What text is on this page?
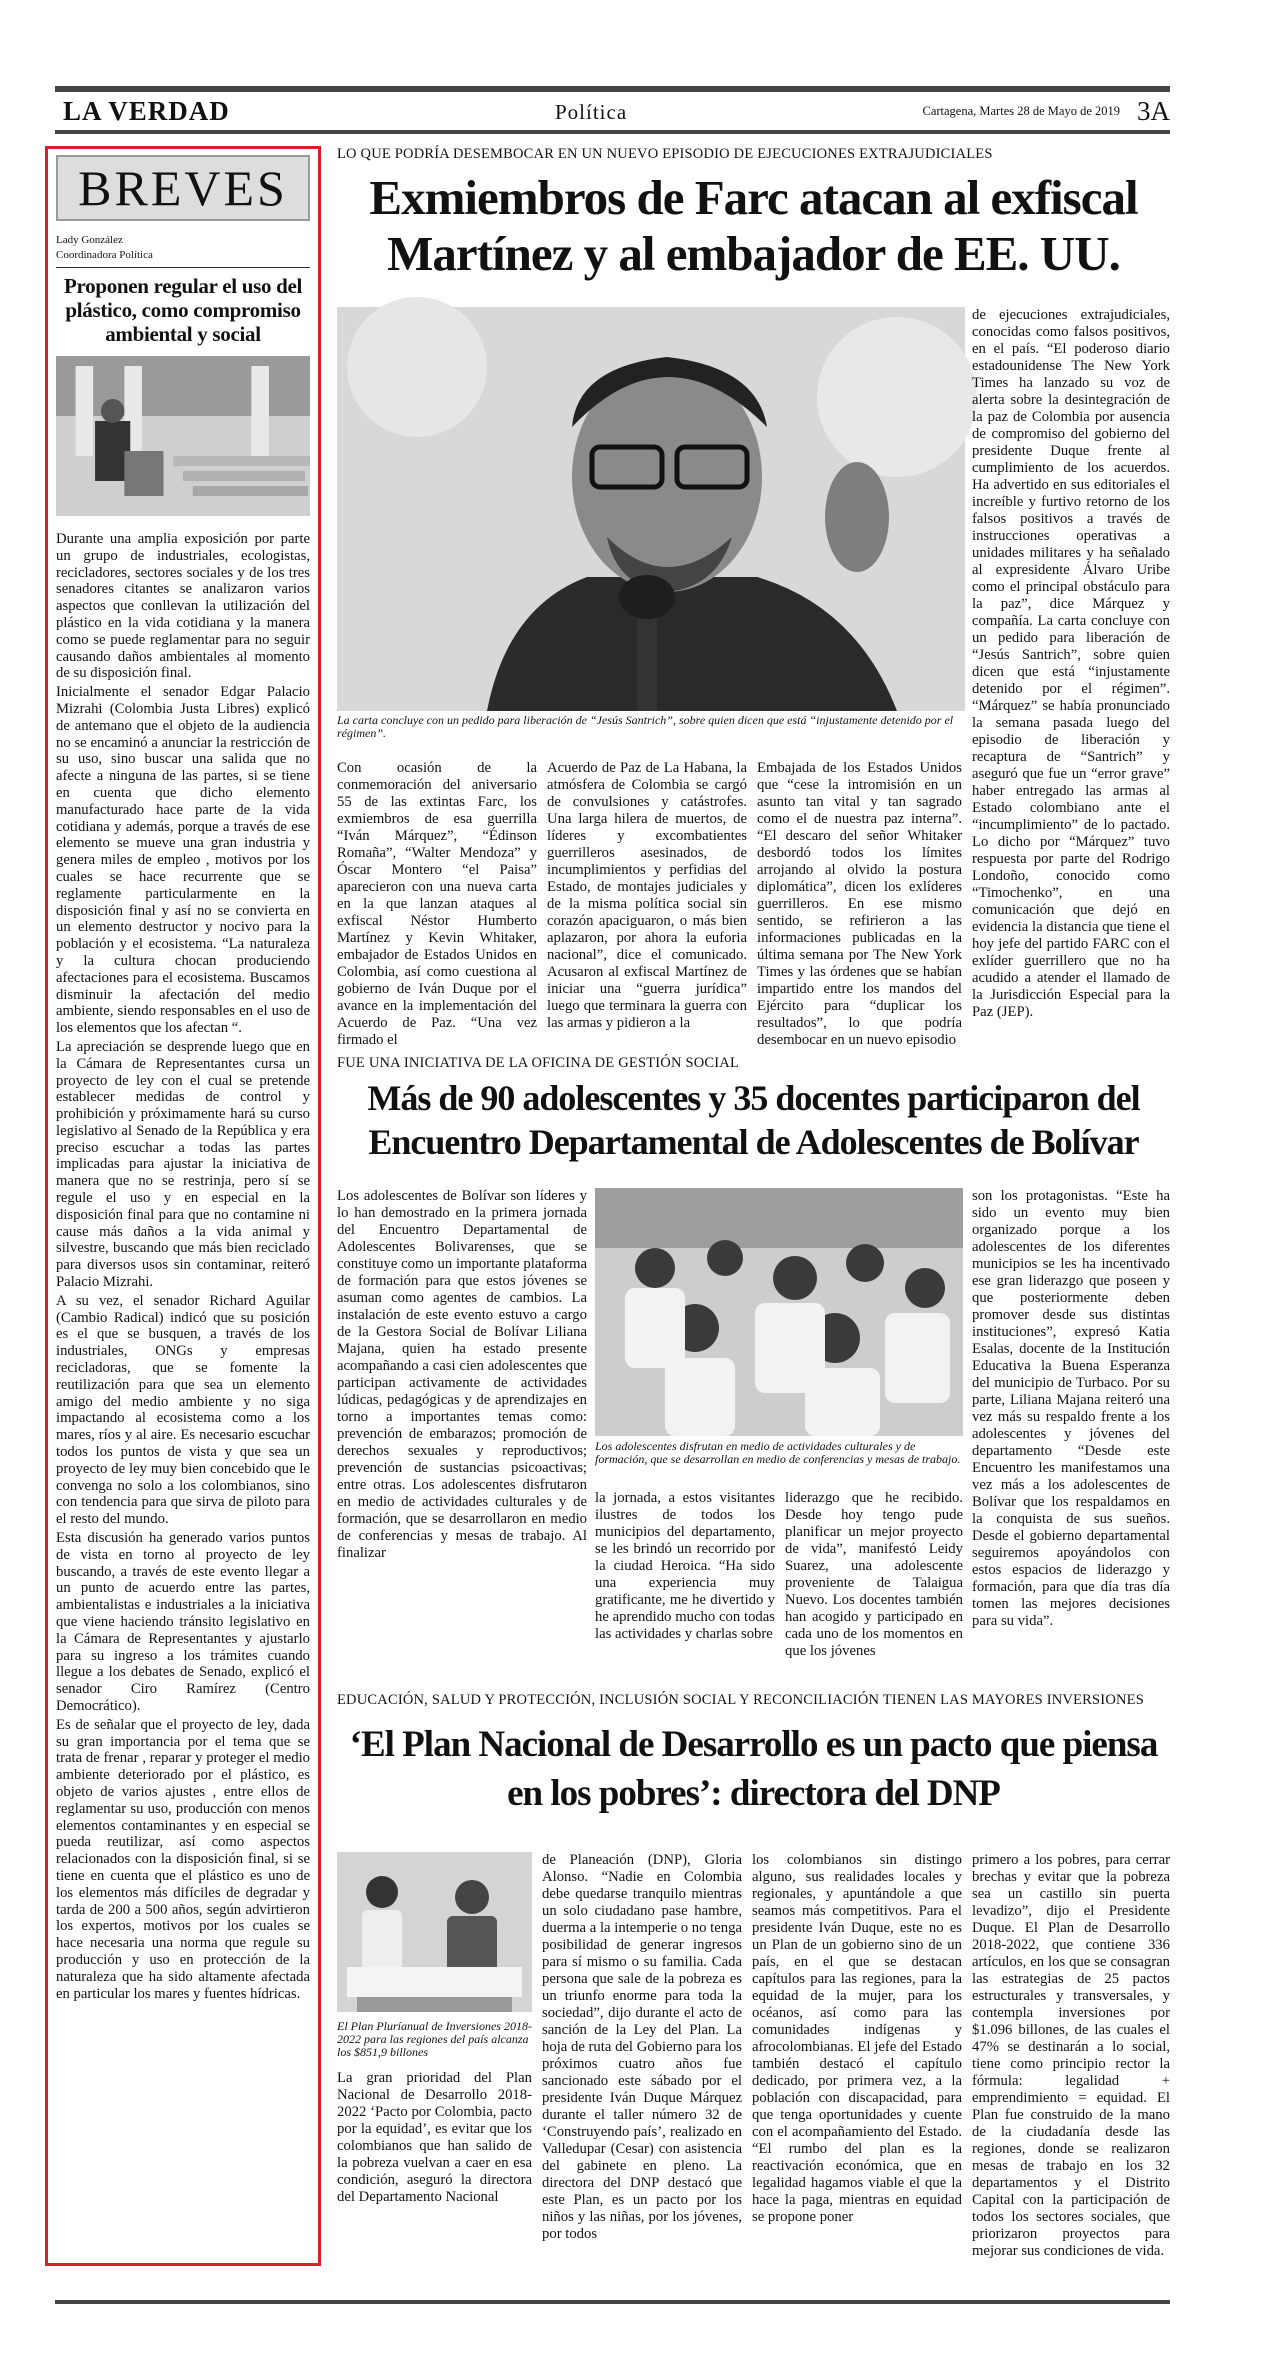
LA VERDAD	Política	Cartagena, Martes 28 de Mayo de 2019 3A
BREVES
Lady González
Coordinadora Política
Proponen regular el uso del plástico, como compromiso ambiental y social

Durante una amplia exposición por parte un grupo de industriales, ecologistas, recicladores, sectores sociales y de los tres senadores citantes se analizaron varios aspectos que conllevan la utilización del plástico en la vida cotidiana y la manera como se puede reglamentar para no seguir causando daños ambientales al momento de su disposición final.

Inicialmente el senador Edgar Palacio Mizrahi (Colombia Justa Libres) explicó de antemano que el objeto de la audiencia no se encaminó a anunciar la restricción de su uso, sino buscar una salida que no afecte a ninguna de las partes, si se tiene en cuenta que dicho elemento manufacturado hace parte de la vida cotidiana y además, porque a través de ese elemento se mueve una gran industria y genera miles de empleo , motivos por los cuales se hace recurrente que se reglamente particularmente en la disposición final y así no se convierta en un elemento destructor y nocivo para la población y el ecosistema. “La naturaleza y la cultura chocan produciendo afectaciones para el ecosistema. Buscamos disminuir la afectación del medio ambiente, siendo responsables en el uso de los elementos que los afectan “.

La apreciación se desprende luego que en la Cámara de Representantes cursa un proyecto de ley con el cual se pretende establecer medidas de control y prohibición y próximamente hará su curso legislativo al Senado de la República y era preciso escuchar a todas las partes implicadas para ajustar la iniciativa de manera que no se restrinja, pero sí se regule el uso y en especial en la disposición final para que no contamine ni cause más daños a la vida animal y silvestre, buscando que más bien reciclado para diversos usos sin contaminar, reiteró Palacio Mizrahi.

A su vez, el senador Richard Aguilar (Cambio Radical) indicó que su posición es el que se busquen, a través de los industriales, ONGs y empresas recicladoras, que se fomente la reutilización para que sea un elemento amigo del medio ambiente y no siga impactando al ecosistema como a los mares, ríos y al aire. Es necesario escuchar todos los puntos de vista y que sea un proyecto de ley muy bien concebido que le convenga no solo a los colombianos, sino con tendencia para que sirva de piloto para el resto del mundo.

Esta discusión ha generado varios puntos de vista en torno al proyecto de ley buscando, a través de este evento llegar a un punto de acuerdo entre las partes, ambientalistas e industriales a la iniciativa que viene haciendo tránsito legislativo en la Cámara de Representantes y ajustarlo para su ingreso a los trámites cuando llegue a los debates de Senado, explicó el senador Ciro Ramírez (Centro Democrático).

Es de señalar que el proyecto de ley, dada su gran importancia por el tema que se trata de frenar , reparar y proteger el medio ambiente deteriorado por el plástico, es objeto de varios ajustes , entre ellos de reglamentar su uso, producción con menos elementos contaminantes y en especial se pueda reutilizar, así como aspectos relacionados con la disposición final, si se tiene en cuenta que el plástico es uno de los elementos más difíciles de degradar y tarda de 200 a 500 años, según advirtieron los expertos, motivos por los cuales se hace necesaria una norma que regule su producción y uso en protección de la naturaleza que ha sido altamente afectada en particular los mares y fuentes hídricas.

LO QUE PODRÍA DESEMBOCAR EN UN NUEVO EPISODIO DE EJECUCIONES EXTRAJUDICIALES
Exmiembros de Farc atacan al exfiscal Martínez y al embajador de EE. UU.
La carta concluye con un pedido para liberación de “Jesús Santrich”, sobre quien dicen que está “injustamente detenido por el régimen”.
de ejecuciones extrajudiciales, conocidas como falsos positivos, en el país. “El poderoso diario estadounidense The New York Times ha lanzado su voz de alerta sobre la desintegración de la paz de Colombia por ausencia de compromiso del gobierno del presidente Duque frente al cumplimiento de los acuerdos. Ha advertido en sus editoriales el increíble y furtivo retorno de los falsos positivos a través de instrucciones operativas a unidades militares y ha señalado al expresidente Álvaro Uribe como el principal obstáculo para la paz”, dice Márquez y compañía. La carta concluye con un pedido para liberación de “Jesús Santrich”, sobre quien dicen que está “injustamente detenido por el régimen”. “Márquez” se había pronunciado la semana pasada luego del episodio de liberación y recaptura de “Santrich” y aseguró que fue un “error grave” haber entregado las armas al Estado colombiano ante el “incumplimiento” de lo pactado. Lo dicho por “Márquez” tuvo respuesta por parte del Rodrigo Londoño, conocido como “Timochenko”, en una comunicación que dejó en evidencia la distancia que tiene el hoy jefe del partido FARC con el exlíder guerrillero que no ha acudido a atender el llamado de la Jurisdicción Especial para la Paz (JEP).
Con ocasión de la conmemoración del aniversario 55 de las extintas Farc, los exmiembros de esa guerrilla “Iván Márquez”, “Édinson Romaña”, “Walter Mendoza” y Óscar Montero “el Paisa” aparecieron con una nueva carta en la que lanzan ataques al exfiscal Néstor Humberto Martínez y Kevin Whitaker, embajador de Estados Unidos en Colombia, así como cuestiona al gobierno de Iván Duque por el avance en la implementación del Acuerdo de Paz. “Una vez firmado el
Acuerdo de Paz de La Habana, la atmósfera de Colombia se cargó de convulsiones y catástrofes. Una larga hilera de muertos, de líderes y excombatientes guerrilleros asesinados, de incumplimientos y perfidias del Estado, de montajes judiciales y de la misma política social sin corazón apaciguaron, o más bien aplazaron, por ahora la euforia nacional”, dice el comunicado. Acusaron al exfiscal Martínez de iniciar una “guerra jurídica” luego que terminara la guerra con las armas y pidieron a la
Embajada de los Estados Unidos que “cese la intromisión en un asunto tan vital y tan sagrado como el de nuestra paz interna”. “El descaro del señor Whitaker desbordó todos los límites arrojando al olvido la postura diplomática”, dicen los exlíderes guerrilleros. En ese mismo sentido, se refirieron a las informaciones publicadas en la última semana por The New York Times y las órdenes que se habían impartido entre los mandos del Ejército para “duplicar los resultados”, lo que podría desembocar en un nuevo episodio
FUE UNA INICIATIVA DE LA OFICINA DE GESTIÓN SOCIAL
Más de 90 adolescentes y 35 docentes participaron del Encuentro Departamental de Adolescentes de Bolívar
Los adolescentes disfrutan en medio de actividades culturales y de formación, que se desarrollan en medio de conferencias y mesas de trabajo.
Los adolescentes de Bolívar son líderes y lo han demostrado en la primera jornada del Encuentro Departamental de Adolescentes Bolivarenses, que se constituye como un importante plataforma de formación para que estos jóvenes se asuman como agentes de cambios. La instalación de este evento estuvo a cargo de la Gestora Social de Bolívar Liliana Majana, quien ha estado presente acompañando a casi cien adolescentes que participan activamente de actividades lúdicas, pedagógicas y de aprendizajes en torno a importantes temas como: prevención de embarazos; promoción de derechos sexuales y reproductivos; prevención de sustancias psicoactivas; entre otras. Los adolescentes disfrutaron en medio de actividades culturales y de formación, que se desarrollaron en medio de conferencias y mesas de trabajo. Al finalizar
la jornada, a estos visitantes ilustres de todos los municipios del departamento, se les brindó un recorrido por la ciudad Heroica. “Ha sido una experiencia muy gratificante, me he divertido y he aprendido mucho con todas las actividades y charlas sobre
liderazgo que he recibido. Desde hoy tengo pude planificar un mejor proyecto de vida”, manifestó Leidy Suarez, una adolescente proveniente de Talaigua Nuevo. Los docentes también han acogido y participado en cada uno de los momentos en que los jóvenes
son los protagonistas. “Este ha sido un evento muy bien organizado porque a los adolescentes de los diferentes municipios se les ha incentivado ese gran liderazgo que poseen y que posteriormente deben promover desde sus distintas instituciones”, expresó Katia Esalas, docente de la Institución Educativa la Buena Esperanza del municipio de Turbaco. Por su parte, Liliana Majana reiteró una vez más su respaldo frente a los adolescentes y jóvenes del departamento “Desde este Encuentro les manifestamos una vez más a los adolescentes de Bolívar que los respaldamos en la conquista de sus sueños. Desde el gobierno departamental seguiremos apoyándolos con estos espacios de liderazgo y formación, para que día tras día tomen las mejores decisiones para su vida”.
EDUCACIÓN, SALUD Y PROTECCIÓN, INCLUSIÓN SOCIAL Y RECONCILIACIÓN TIENEN LAS MAYORES INVERSIONES
‘El Plan Nacional de Desarrollo es un pacto que piensa en los pobres’: directora del DNP
El Plan Pluríanual de Inversiones 2018-2022 para las regiones del país alcanza los $851,9 billones
La gran prioridad del Plan Nacional de Desarrollo 2018-2022 ‘Pacto por Colombia, pacto por la equidad’, es evitar que los colombianos que han salido de la pobreza vuelvan a caer en esa condición, aseguró la directora del Departamento Nacional
de Planeación (DNP), Gloria Alonso. “Nadie en Colombia debe quedarse tranquilo mientras un solo ciudadano pase hambre, duerma a la intemperie o no tenga posibilidad de generar ingresos para sí mismo o su familia. Cada persona que sale de la pobreza es un triunfo enorme para toda la sociedad”, dijo durante el acto de sanción de la Ley del Plan. La hoja de ruta del Gobierno para los próximos cuatro años fue sancionado este sábado por el presidente Iván Duque Márquez durante el taller número 32 de ‘Construyendo país’, realizado en Valledupar (Cesar) con asistencia del gabinete en pleno. La directora del DNP destacó que este Plan, es un pacto por los niños y las niñas, por los jóvenes, por todos
los colombianos sin distingo alguno, sus realidades locales y regionales, y apuntándole a que seamos más competitivos. Para el presidente Iván Duque, este no es un Plan de un gobierno sino de un país, en el que se destacan capítulos para las regiones, para la equidad de la mujer, para los océanos, así como para las comunidades indígenas y afrocolombianas. El jefe del Estado también destacó el capítulo dedicado, por primera vez, a la población con discapacidad, para que tenga oportunidades y cuente con el acompañamiento del Estado. “El rumbo del plan es la reactivación económica, que en legalidad hagamos viable el que la hace la paga, mientras en equidad se propone poner
primero a los pobres, para cerrar brechas y evitar que la pobreza sea un castillo sin puerta levadizo”, dijo el Presidente Duque. El Plan de Desarrollo 2018-2022, que contiene 336 artículos, en los que se consagran las estrategias de 25 pactos estructurales y transversales, y contempla inversiones por $1.096 billones, de las cuales el 47% se destinarán a lo social, tiene como principio rector la fórmula: legalidad + emprendimiento = equidad. El Plan fue construido de la mano de la ciudadanía desde las regiones, donde se realizaron mesas de trabajo en los 32 departamentos y el Distrito Capital con la participación de todos los sectores sociales, que priorizaron proyectos para mejorar sus condiciones de vida.
